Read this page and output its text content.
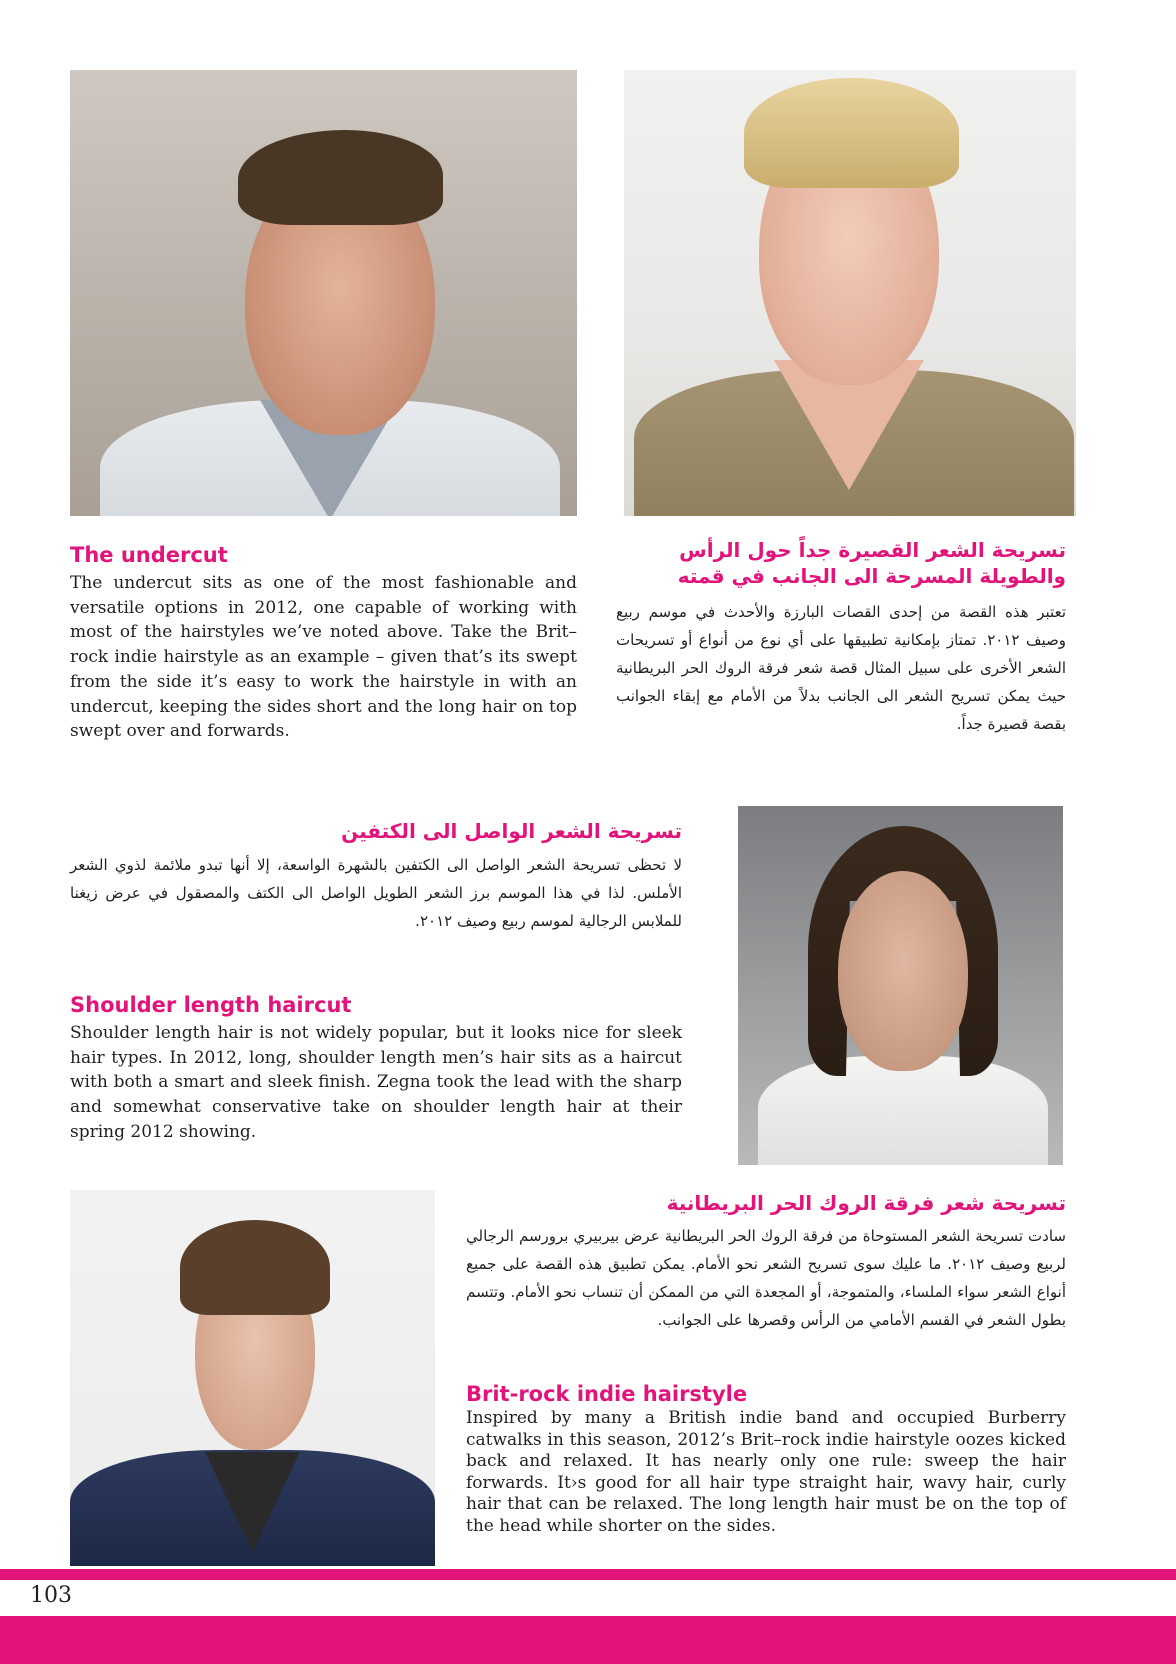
The undercut

The undercut sits as one of the most fashionable and versatile options in 2012, one capable of working with most of the hairstyles we’ve noted above. Take the Brit–rock indie hairstyle as an example – given that’s its swept from the side it’s easy to work the hairstyle in with an undercut, keeping the sides short and the long hair on top swept over and forwards.

تسريحة الشعر القصيرة جداً حول الرأس
والطويلة المسرحة الى الجانب في قمته

تعتبر هذه القصة من إحدى القصات البارزة والأحدث في موسم ربيع وصيف ٢٠١٢. تمتاز بإمكانية تطبيقها على أي نوع من أنواع أو تسريحات الشعر الأخرى على سبيل المثال قصة شعر فرقة الروك الحر البريطانية حيث يمكن تسريح الشعر الى الجانب بدلاً من الأمام مع إبقاء الجوانب بقصة قصيرة جداً.

تسريحة الشعر الواصل الى الكتفين

لا تحظى تسريحة الشعر الواصل الى الكتفين بالشهرة الواسعة، إلا أنها تبدو ملائمة لذوي الشعر الأملس. لذا في هذا الموسم برز الشعر الطويل الواصل الى الكتف والمصقول في عرض زيغنا للملابس الرجالية لموسم ربيع وصيف ٢٠١٢.

Shoulder length haircut

Shoulder length hair is not widely popular, but it looks nice for sleek hair types. In 2012, long, shoulder length men’s hair sits as a haircut with both a smart and sleek finish. Zegna took the lead with the sharp and somewhat conservative take on shoulder length hair at their spring 2012 showing.

تسريحة شعر فرقة الروك الحر البريطانية

سادت تسريحة الشعر المستوحاة من فرقة الروك الحر البريطانية عرض بيربيري برورسم الرجالي لربيع وصيف ٢٠١٢. ما عليك سوى تسريح الشعر نحو الأمام. يمكن تطبيق هذه القصة على جميع أنواع الشعر سواء الملساء، والمتموجة، أو المجعدة التي من الممكن أن تنساب نحو الأمام. وتتسم بطول الشعر في القسم الأمامي من الرأس وقصرها على الجوانب.

Brit-rock indie hairstyle

Inspired by many a British indie band and occupied Burberry catwalks in this season, 2012’s Brit–rock indie hairstyle oozes kicked back and relaxed. It has nearly only one rule: sweep the hair forwards. It›s good for all hair type straight hair, wavy hair, curly hair that can be relaxed. The long length hair must be on the top of the head while shorter on the sides.

103
